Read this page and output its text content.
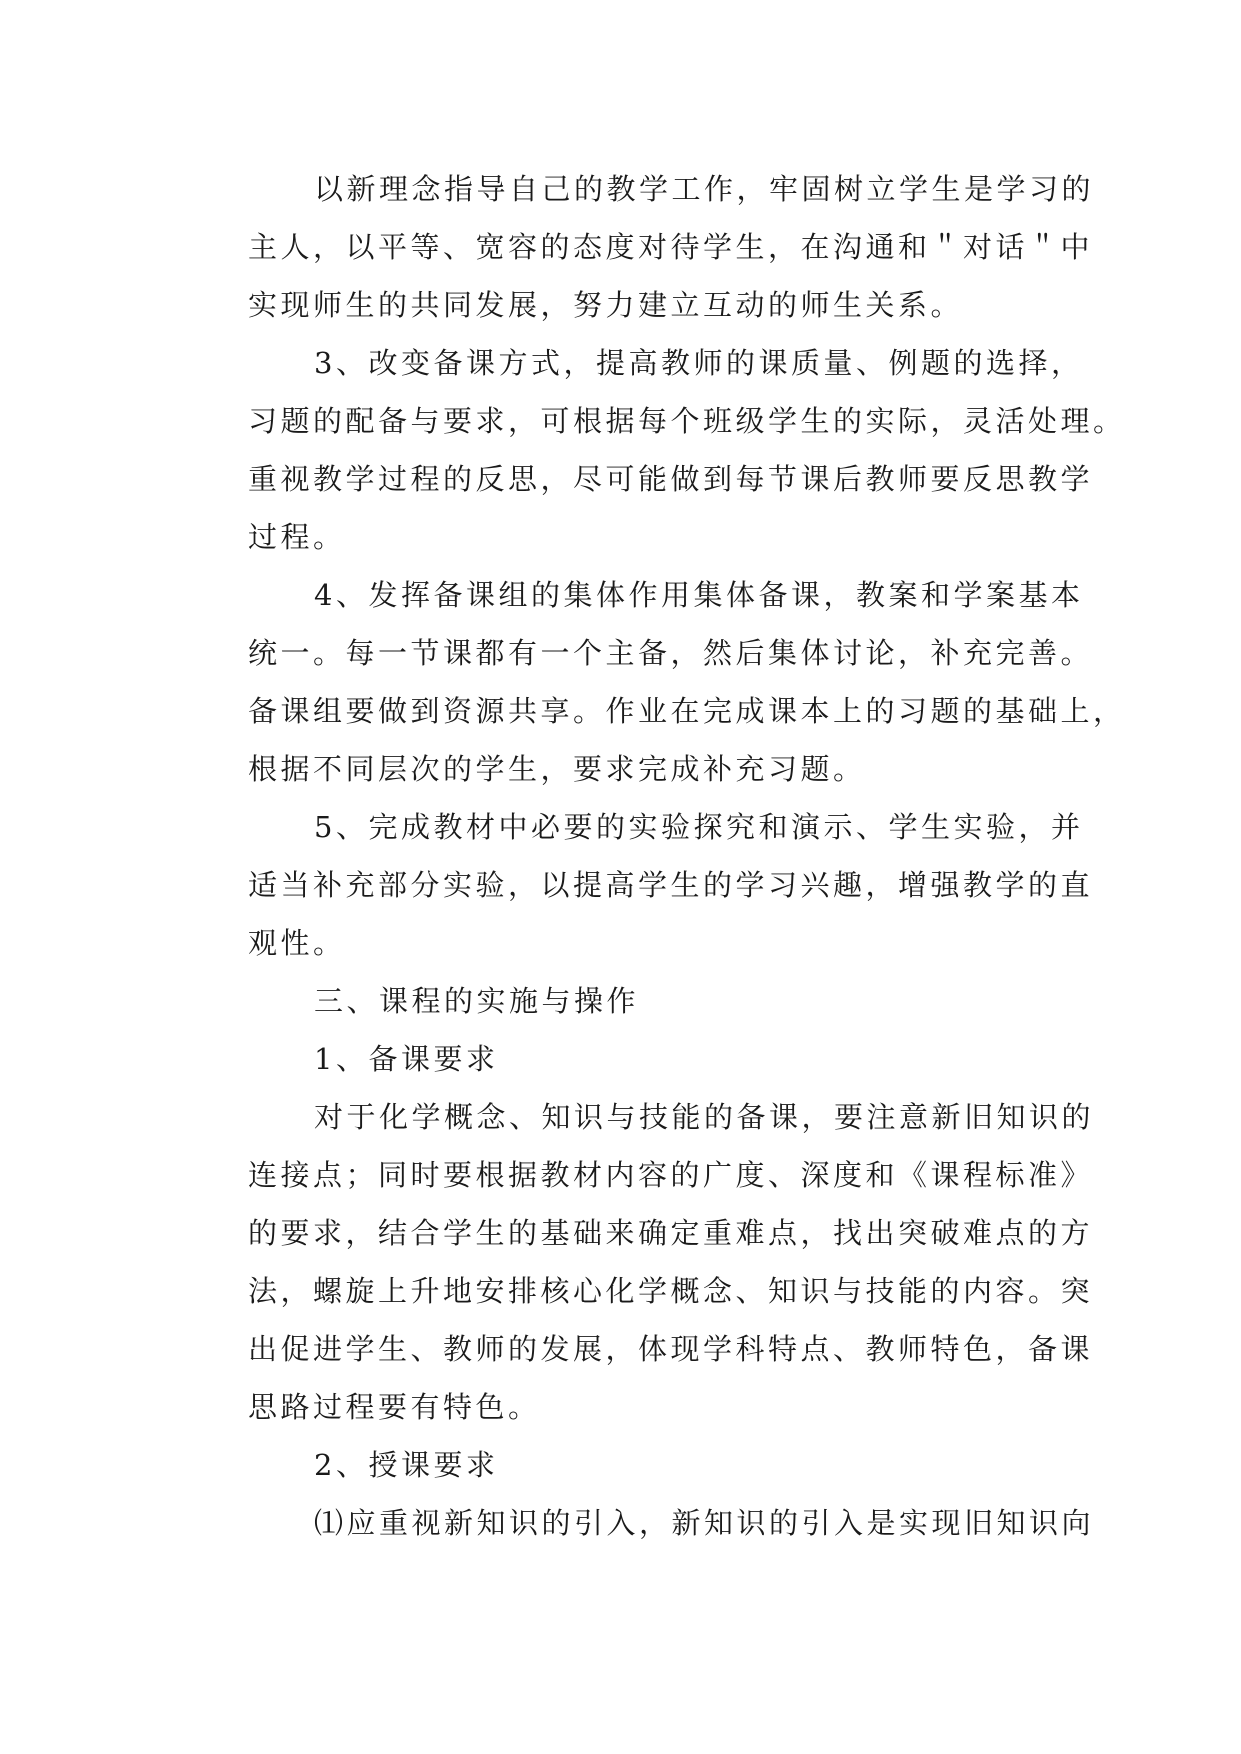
以新理念指导自己的教学工作，牢固树立学生是学习的
主人，以平等、宽容的态度对待学生，在沟通和＂对话＂中
实现师生的共同发展，努力建立互动的师生关系。
3、改变备课方式，提高教师的课质量、例题的选择，
习题的配备与要求，可根据每个班级学生的实际，灵活处理。
重视教学过程的反思，尽可能做到每节课后教师要反思教学
过程。
4、发挥备课组的集体作用集体备课，教案和学案基本
统一。每一节课都有一个主备，然后集体讨论，补充完善。
备课组要做到资源共享。作业在完成课本上的习题的基础上，
根据不同层次的学生，要求完成补充习题。
5、完成教材中必要的实验探究和演示、学生实验，并
适当补充部分实验，以提高学生的学习兴趣，增强教学的直
观性。
三、课程的实施与操作
1、备课要求
对于化学概念、知识与技能的备课，要注意新旧知识的
连接点；同时要根据教材内容的广度、深度和《课程标准》
的要求，结合学生的基础来确定重难点，找出突破难点的方
法，螺旋上升地安排核心化学概念、知识与技能的内容。突
出促进学生、教师的发展，体现学科特点、教师特色，备课
思路过程要有特色。
2、授课要求
⑴应重视新知识的引入，新知识的引入是实现旧知识向
